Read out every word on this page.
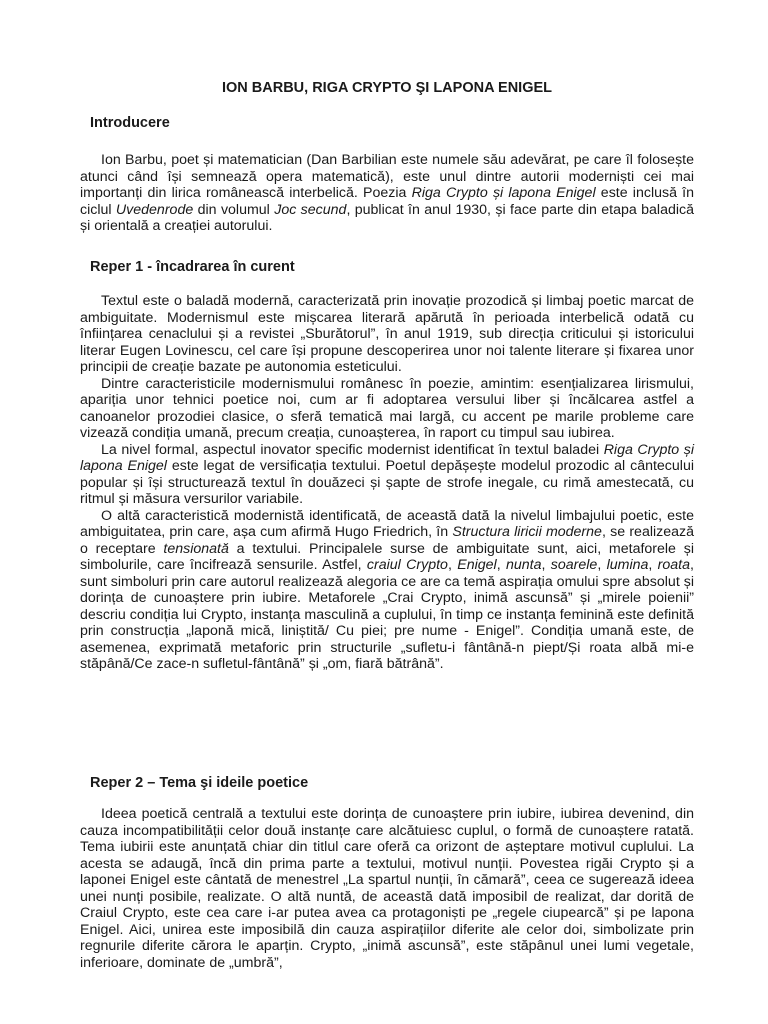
ION BARBU, RIGA CRYPTO ŞI LAPONA ENIGEL
Introducere

Ion Barbu, poet și matematician (Dan Barbilian este numele său adevărat, pe care îl folosește atunci când își semnează opera matematică), este unul dintre autorii moderniști cei mai importanți din lirica românească interbelică. Poezia Riga Crypto și lapona Enigel este inclusă în ciclul Uvedenrode din volumul Joc secund, publicat în anul 1930, și face parte din etapa baladică și orientală a creației autorului.

Reper 1 - încadrarea în curent

Textul este o baladă modernă, caracterizată prin inovație prozodică și limbaj poetic marcat de ambiguitate. Modernismul este mișcarea literară apărută în perioada interbelică odată cu înființarea cenaclului și a revistei „Sburătorul”, în anul 1919, sub direcția criticului și istoricului literar Eugen Lovinescu, cel care își propune descoperirea unor noi talente literare și fixarea unor principii de creație bazate pe autonomia esteticului.

Dintre caracteristicile modernismului românesc în poezie, amintim: esențializarea lirismului, apariția unor tehnici poetice noi, cum ar fi adoptarea versului liber și încălcarea astfel a canoanelor prozodiei clasice, o sferă tematică mai largă, cu accent pe marile probleme care vizează condiția umană, precum creația, cunoașterea, în raport cu timpul sau iubirea.

La nivel formal, aspectul inovator specific modernist identificat în textul baladei Riga Crypto și lapona Enigel este legat de versificația textului. Poetul depășește modelul prozodic al cântecului popular și își structurează textul în douăzeci și șapte de strofe inegale, cu rimă amestecată, cu ritmul și măsura versurilor variabile.

O altă caracteristică modernistă identificată, de această dată la nivelul limbajului poetic, este ambiguitatea, prin care, așa cum afirmă Hugo Friedrich, în Structura liricii moderne, se realizează o receptare tensionată a textului. Principalele surse de ambiguitate sunt, aici, metaforele și simbolurile, care încifrează sensurile. Astfel, craiul Crypto, Enigel, nunta, soarele, lumina, roata, sunt simboluri prin care autorul realizează alegoria ce are ca temă aspirația omului spre absolut și dorința de cunoaștere prin iubire. Metaforele „Crai Crypto, inimă ascunsă” și „mirele poienii” descriu condiția lui Crypto, instanța masculină a cuplului, în timp ce instanța feminină este definită prin construcția „laponă mică, liniștită/ Cu piei; pre nume - Enigel”. Condiția umană este, de asemenea, exprimată metaforic prin structurile „sufletu-i fântână-n piept/Și roata albă mi-e stăpână/Ce zace-n sufletul-fântână” și „om, fiară bătrână”.

Reper 2 – Tema şi ideile poetice

Ideea poetică centrală a textului este dorința de cunoaștere prin iubire, iubirea devenind, din cauza incompatibilității celor două instanțe care alcătuiesc cuplul, o formă de cunoaștere ratată. Tema iubirii este anunțată chiar din titlul care oferă ca orizont de așteptare motivul cuplului. La acesta se adaugă, încă din prima parte a textului, motivul nunții. Povestea rigăi Crypto și a laponei Enigel este cântată de menestrel „La spartul nunții, în cămară”, ceea ce sugerează ideea unei nunți posibile, realizate. O altă nuntă, de această dată imposibil de realizat, dar dorită de Craiul Crypto, este cea care i-ar putea avea ca protagoniști pe „regele ciupearcă” și pe lapona Enigel. Aici, unirea este imposibilă din cauza aspirațiilor diferite ale celor doi, simbolizate prin regnurile diferite cărora le aparțin. Crypto, „inimă ascunsă”, este stăpânul unei lumi vegetale, inferioare, dominate de „umbră”,
